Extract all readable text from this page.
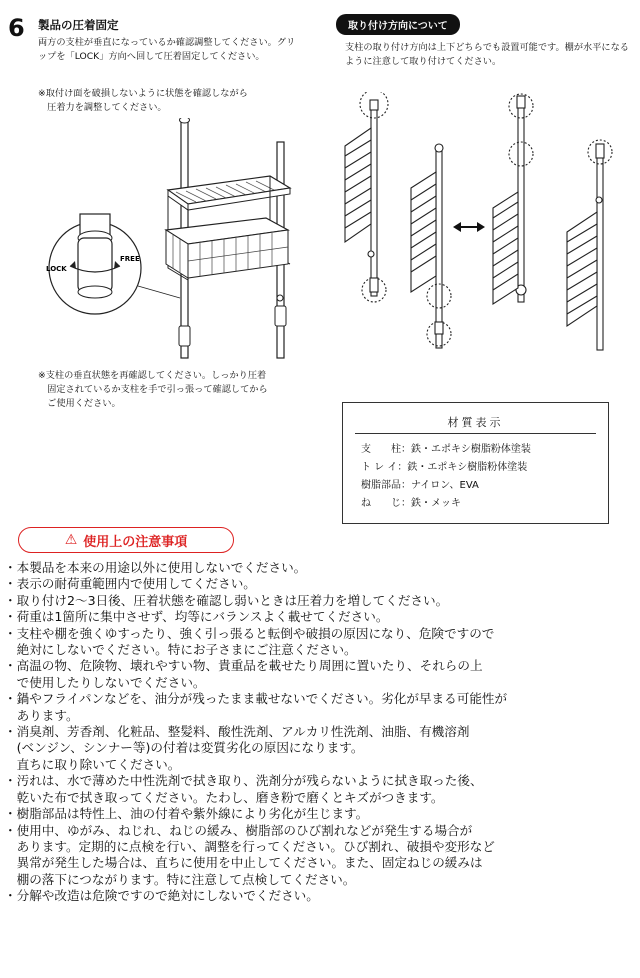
6 製品の圧着固定
両方の支柱が垂直になっているか確認調整してください。グリップを「LOCK」方向へ回して圧着固定してください。
※取付け面を破損しないように状態を確認しながら
　圧着力を調整してください。
LOCK
FREE
※支柱の垂直状態を再確認してください。しっかり圧着
　固定されているか支柱を手で引っ張って確認してから
　ご使用ください。
取り付け方向について
支柱の取り付け方向は上下どちらでも設置可能です。棚が水平になるように注意して取り付けてください。
材質表示
支　　柱：鉄・エポキシ樹脂粉体塗装
ト レ イ：鉄・エポキシ樹脂粉体塗装
樹脂部品：ナイロン、EVA
ね　　じ：鉄・メッキ
⚠ 使用上の注意事項
・本製品を本来の用途以外に使用しないでください。
・表示の耐荷重範囲内で使用してください。
・取り付け2〜3日後、圧着状態を確認し弱いときは圧着力を増してください。
・荷重は1箇所に集中させず、均等にバランスよく載せてください。
・支柱や棚を強くゆすったり、強く引っ張ると転倒や破損の原因になり、危険ですので
　絶対にしないでください。特にお子さまにご注意ください。
・高温の物、危険物、壊れやすい物、貴重品を載せたり周囲に置いたり、それらの上
　で使用したりしないでください。
・鍋やフライパンなどを、油分が残ったまま載せないでください。劣化が早まる可能性が
　あります。
・消臭剤、芳香剤、化粧品、整髪料、酸性洗剤、アルカリ性洗剤、油脂、有機溶剤
　(ベンジン、シンナー等)の付着は変質劣化の原因になります。
　直ちに取り除いてください。
・汚れは、水で薄めた中性洗剤で拭き取り、洗剤分が残らないように拭き取った後、
　乾いた布で拭き取ってください。たわし、磨き粉で磨くとキズがつきます。
・樹脂部品は特性上、油の付着や紫外線により劣化が生じます。
・使用中、ゆがみ、ねじれ、ねじの緩み、樹脂部のひび割れなどが発生する場合が
　あります。定期的に点検を行い、調整を行ってください。ひび割れ、破損や変形など
　異常が発生した場合は、直ちに使用を中止してください。また、固定ねじの緩みは
　棚の落下につながります。特に注意して点検してください。
・分解や改造は危険ですので絶対にしないでください。
